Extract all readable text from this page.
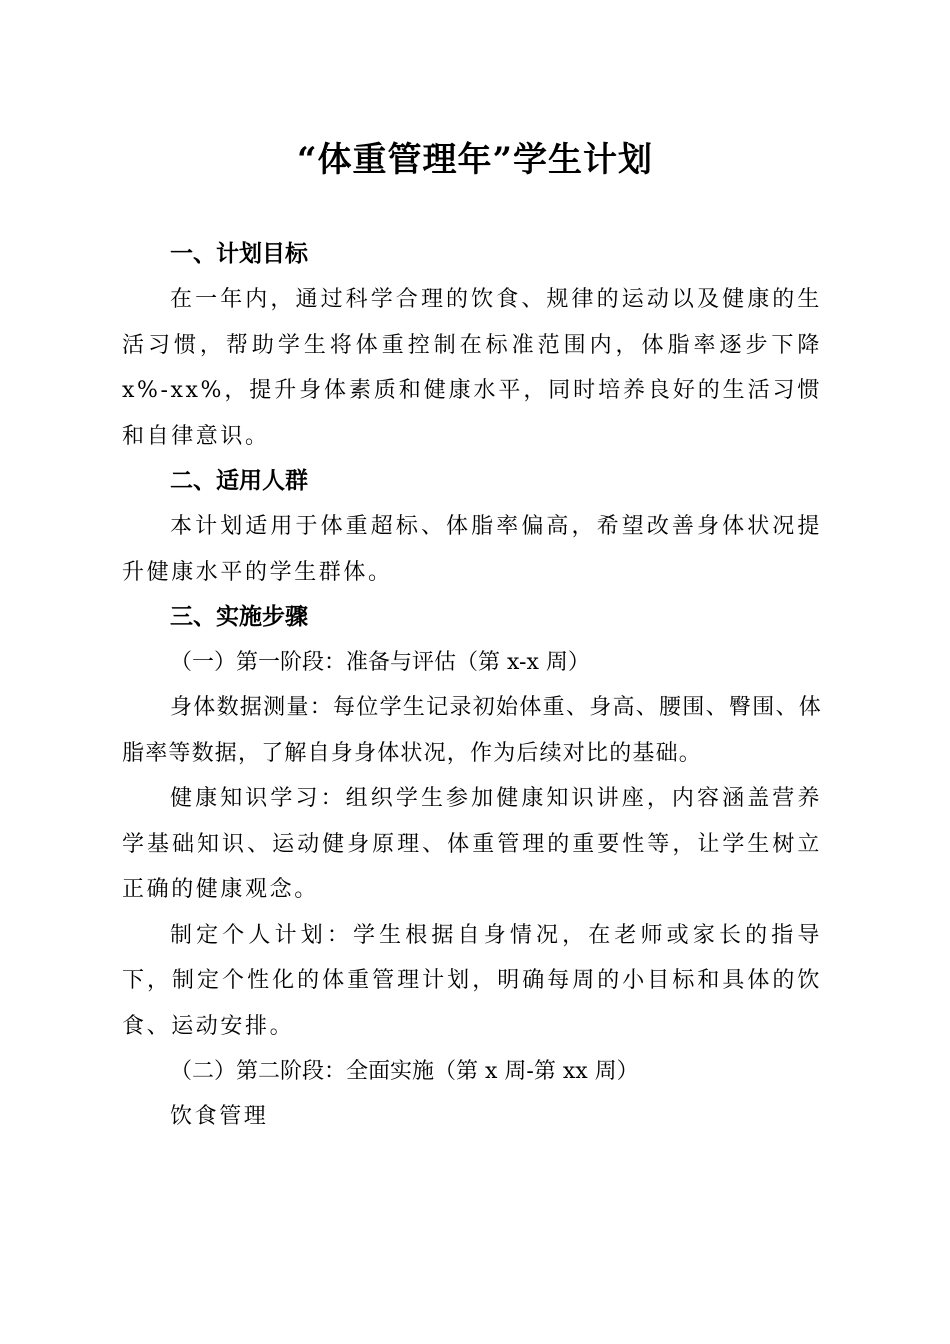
“体重管理年”学生计划
一、计划目标

在一年内，通过科学合理的饮食、规律的运动以及健康的生活习惯，帮助学生将体重控制在标准范围内，体脂率逐步下降 x%-xx%，提升身体素质和健康水平，同时培养良好的生活习惯和自律意识。

二、适用人群

本计划适用于体重超标、体脂率偏高，希望改善身体状况提升健康水平的学生群体。

三、实施步骤

（一）第一阶段：准备与评估（第 x-x 周）

身体数据测量：每位学生记录初始体重、身高、腰围、臀围、体脂率等数据，了解自身身体状况，作为后续对比的基础。

健康知识学习：组织学生参加健康知识讲座，内容涵盖营养学基础知识、运动健身原理、体重管理的重要性等，让学生树立正确的健康观念。

制定个人计划：学生根据自身情况，在老师或家长的指导下，制定个性化的体重管理计划，明确每周的小目标和具体的饮食、运动安排。

（二）第二阶段：全面实施（第 x 周-第 xx 周）

饮食管理
